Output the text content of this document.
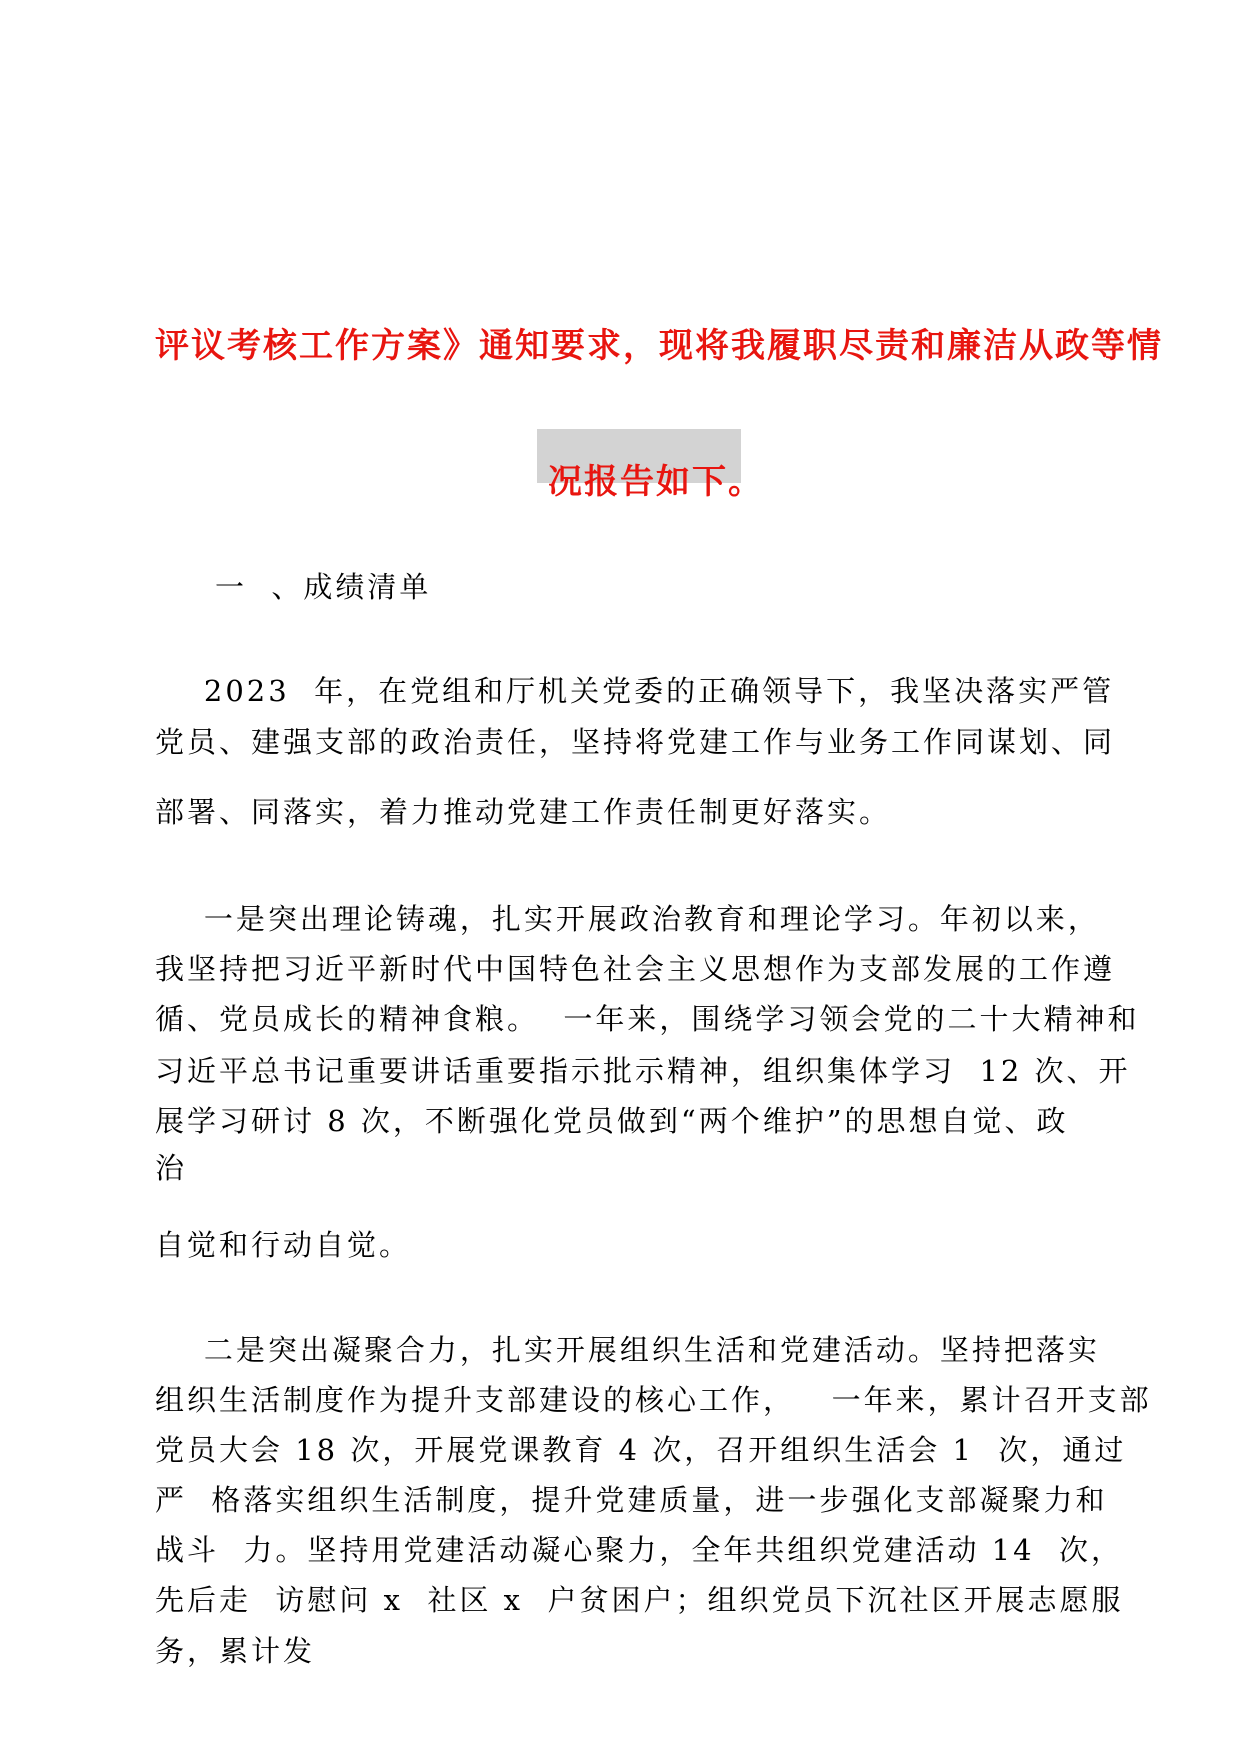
评议考核工作方案》通知要求，现将我履职尽责和廉洁从政等情
况报告如下。
一  、成绩清单
2023  年，在党组和厅机关党委的正确领导下，我坚决落实严管
党员、建强支部的政治责任，坚持将党建工作与业务工作同谋划、同
部署、同落实，着力推动党建工作责任制更好落实。
一是突出理论铸魂，扎实开展政治教育和理论学习。年初以来，
我坚持把习近平新时代中国特色社会主义思想作为支部发展的工作遵
循、党员成长的精神食粮。  一年来，围绕学习领会党的二十大精神和
习近平总书记重要讲话重要指示批示精神，组织集体学习  12 次、开
展学习研讨 8 次，不断强化党员做到“两个维护”的思想自觉、政
治
自觉和行动自觉。
二是突出凝聚合力，扎实开展组织生活和党建活动。坚持把落实
组织生活制度作为提升支部建设的核心工作，   一年来，累计召开支部
党员大会 18 次，开展党课教育 4 次，召开组织生活会 1  次，通过
严  格落实组织生活制度，提升党建质量，进一步强化支部凝聚力和
战斗  力。坚持用党建活动凝心聚力，全年共组织党建活动 14  次，
先后走  访慰问 x  社区 x  户贫困户；组织党员下沉社区开展志愿服
务，累计发
